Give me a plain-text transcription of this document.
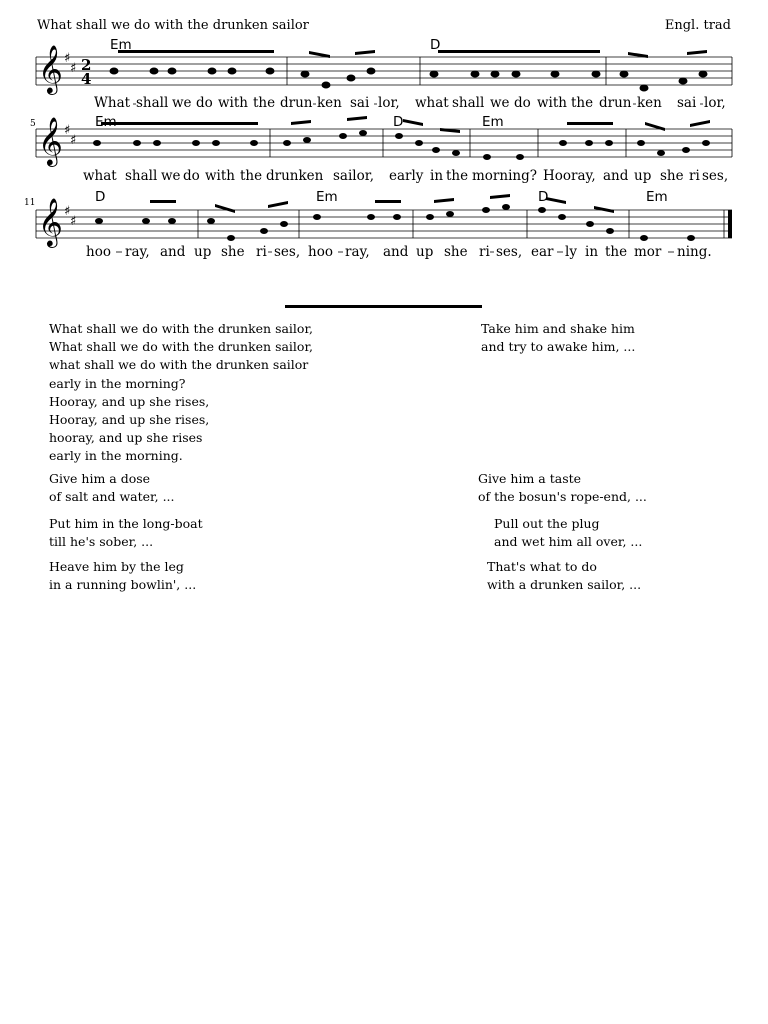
What shall we do with the drunken sailor	Engl. trad
𝄞 ♯
♯ 2
4
𝄞 ♯
♯
𝄞 ♯
♯
5
11
Em	D
Em	D	Em
D	Em	D	Em
What shall we do with the drun ken sai lor, what shall we do with the drun ken sai lor,
what shall we do with the drunken sailor, early in the morning? Hooray, and up she ri ses,
hoo ray, and up she ri ses, hoo ray, and up she ri ses, ear ly in the mor ning.
What shall we do with the drunken sailor,
What shall we do with the drunken sailor,
what shall we do with the drunken sailor
early in the morning?
Hooray, and up she rises,
Hooray, and up she rises,
hooray, and up she rises
early in the morning.
Take him and shake him
and try to awake him, ...
Give him a dose
of salt and water, ...
Give him a taste
of the bosun's rope-end, ...
Put him in the long-boat
till he's sober, ...
Pull out the plug
and wet him all over, ...
Heave him by the leg
in a running bowlin', ...
That's what to do
with a drunken sailor, ...
